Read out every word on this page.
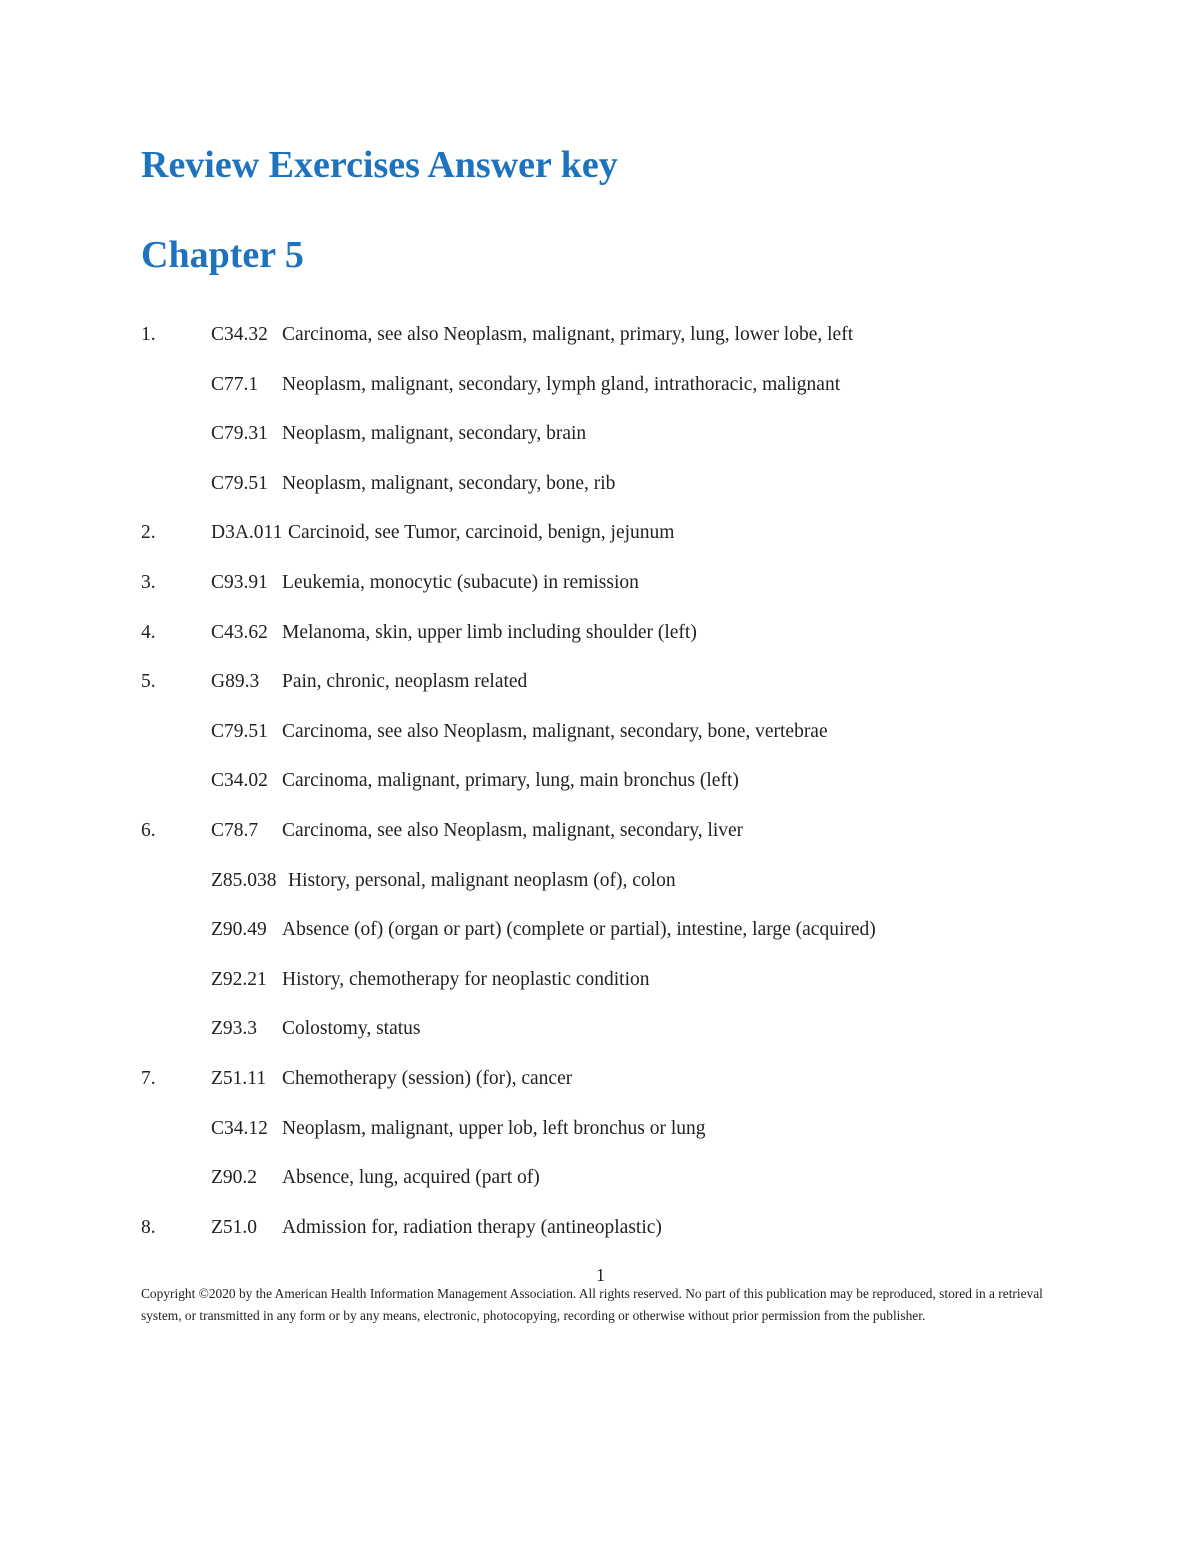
Review Exercises Answer key
Chapter 5
1.	C34.32 Carcinoma, see also Neoplasm, malignant, primary, lung, lower lobe, left
C77.1 Neoplasm, malignant, secondary, lymph gland, intrathoracic, malignant
C79.31 Neoplasm, malignant, secondary, brain
C79.51 Neoplasm, malignant, secondary, bone, rib
2.	D3A.011 Carcinoid, see Tumor, carcinoid, benign, jejunum
3.	C93.91 Leukemia, monocytic (subacute) in remission
4.	C43.62 Melanoma, skin, upper limb including shoulder (left)
5.	G89.3 Pain, chronic, neoplasm related
C79.51 Carcinoma, see also Neoplasm, malignant, secondary, bone, vertebrae
C34.02 Carcinoma, malignant, primary, lung, main bronchus (left)
6.	C78.7 Carcinoma, see also Neoplasm, malignant, secondary, liver
Z85.038 History, personal, malignant neoplasm (of), colon
Z90.49 Absence (of) (organ or part) (complete or partial), intestine, large (acquired)
Z92.21 History, chemotherapy for neoplastic condition
Z93.3 Colostomy, status
7.	Z51.11 Chemotherapy (session) (for), cancer
C34.12 Neoplasm, malignant, upper lob, left bronchus or lung
Z90.2 Absence, lung, acquired (part of)
8.	Z51.0 Admission for, radiation therapy (antineoplastic)
1
Copyright ©2020 by the American Health Information Management Association. All rights reserved. No part of this publication may be reproduced, stored in a retrieval system, or transmitted in any form or by any means, electronic, photocopying, recording or otherwise without prior permission from the publisher.
